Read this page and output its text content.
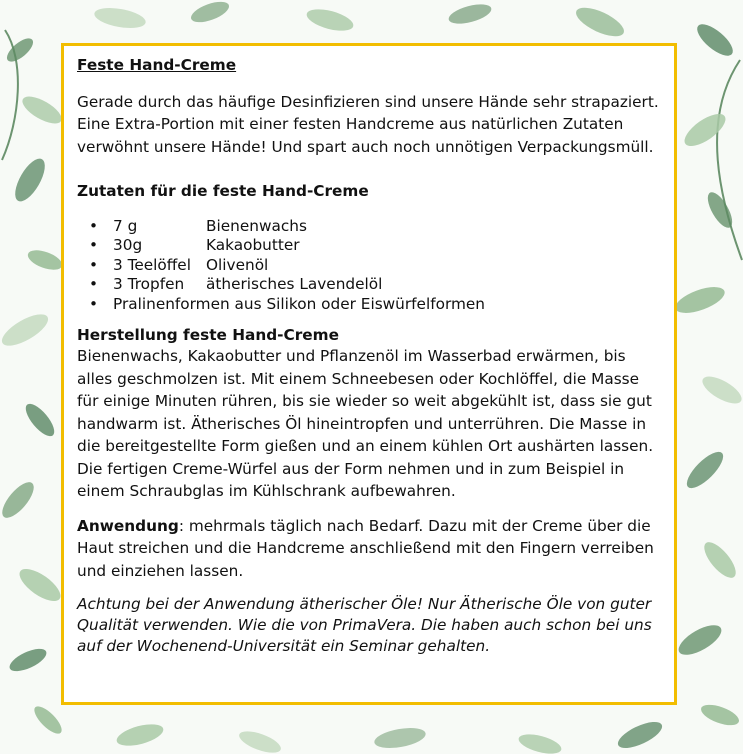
Feste Hand-Creme

Gerade durch das häufige Desinfizieren sind unsere Hände sehr strapaziert. Eine Extra-Portion mit einer festen Handcreme aus natürlichen Zutaten verwöhnt unsere Hände! Und spart auch noch unnötigen Verpackungsmüll.

Zutaten für die feste Hand-Creme

• 7 g	Bienenwachs
• 30g	Kakaobutter
• 3 Teelöffel Olivenöl
• 3 Tropfen ätherisches Lavendelöl
• Pralinenformen aus Silikon oder Eiswürfelformen

Herstellung feste Hand-Creme

Bienenwachs, Kakaobutter und Pflanzenöl im Wasserbad erwärmen, bis alles geschmolzen ist. Mit einem Schneebesen oder Kochlöffel, die Masse für einige Minuten rühren, bis sie wieder so weit abgekühlt ist, dass sie gut handwarm ist. Ätherisches Öl hineintropfen und unterrühren. Die Masse in die bereitgestellte Form gießen und an einem kühlen Ort aushärten lassen. Die fertigen Creme-Würfel aus der Form nehmen und in zum Beispiel in einem Schraubglas im Kühlschrank aufbewahren.

Anwendung: mehrmals täglich nach Bedarf. Dazu mit der Creme über die Haut streichen und die Handcreme anschließend mit den Fingern verreiben und einziehen lassen.

Achtung bei der Anwendung ätherischer Öle! Nur Ätherische Öle von guter Qualität verwenden. Wie die von PrimaVera. Die haben auch schon bei uns auf der Wochenend-Universität ein Seminar gehalten.
